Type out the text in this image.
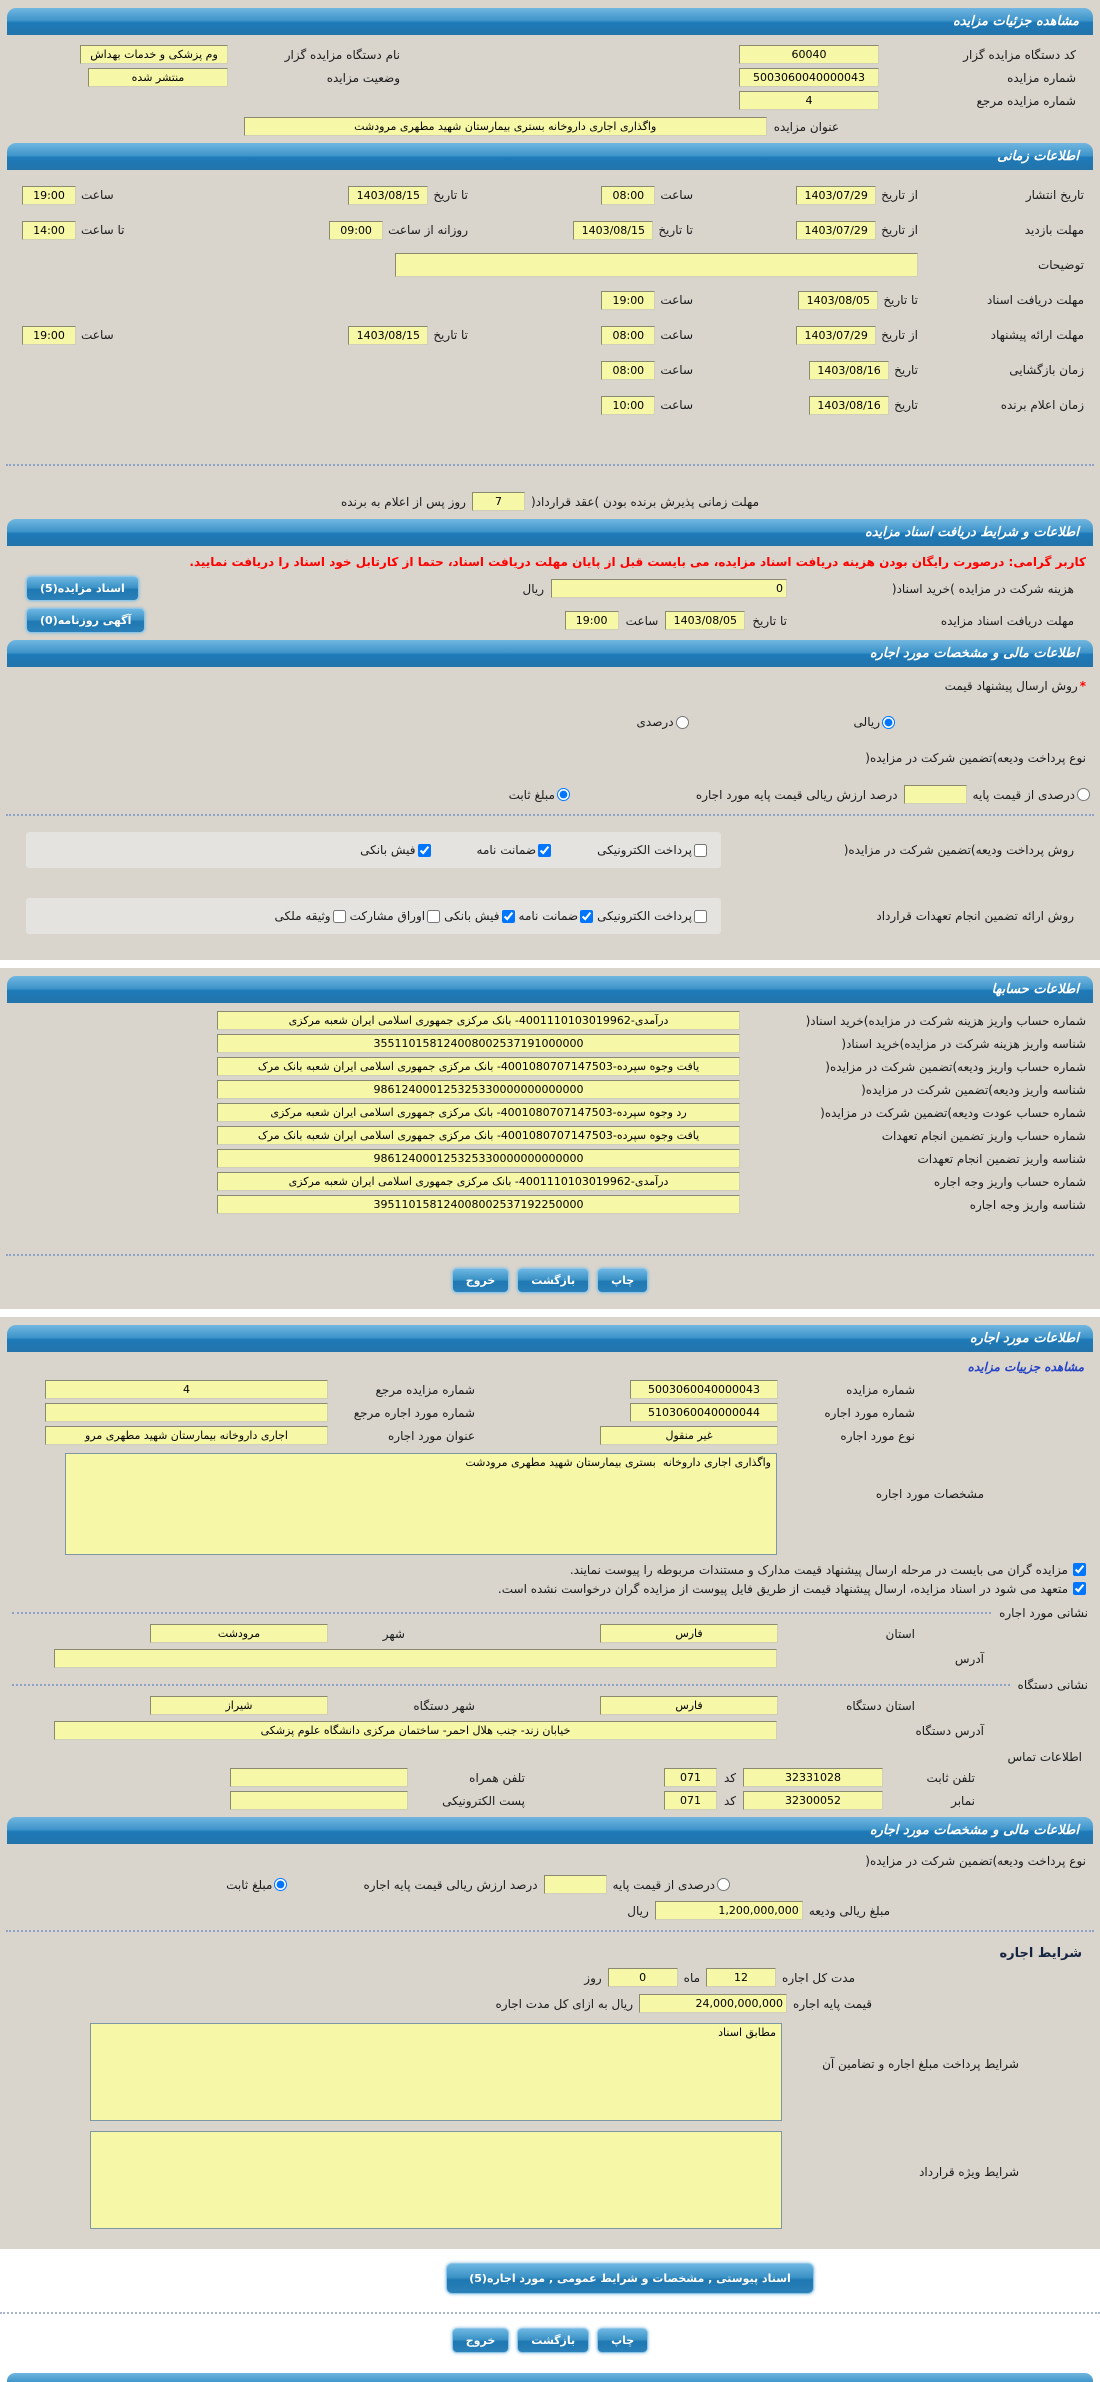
مشاهده جزئیات مزایده
کد دستگاه مزایده گزار
60040
نام دستگاه مزایده گزار
وم پزشکی و خدمات بهداش
شماره مزایده
5003060040000043
وضعیت مزایده
منتشر شده
شماره مزایده مرجع
4
عنوان مزایده
واگذاری اجاری داروخانه بستری بیمارستان شهید مطهری مرودشت
اطلاعات زمانی
تاریخ انتشار
از تاریخ
1403/07/29
ساعت
08:00
تا تاریخ
1403/08/15
ساعت
19:00
مهلت بازدید
از تاریخ
1403/07/29
تا تاریخ
1403/08/15
روزانه از ساعت
09:00
تا ساعت
14:00
توضیحات
مهلت دریافت اسناد
تا تاریخ
1403/08/05
ساعت
19:00
مهلت ارائه پیشنهاد
از تاریخ
1403/07/29
ساعت
08:00
تا تاریخ
1403/08/15
ساعت
19:00
زمان بازگشایی
تاریخ
1403/08/16
ساعت
08:00
زمان اعلام برنده
تاریخ
1403/08/16
ساعت
10:00
مهلت زمانی پذیرش برنده بودن )عقد قرارداد(
7
روز پس از اعلام به برنده
اطلاعات و شرایط دریافت اسناد مزایده
کاربر گرامی: درصورت رایگان بودن هزینه دریافت اسناد مزایده، می بایست قبل از پایان مهلت دریافت اسناد، حتما از کارتابل خود اسناد را دریافت نمایید.
هزینه شرکت در مزایده )خرید اسناد(
0
ریال
اسناد مزایده(5)
مهلت دریافت اسناد مزایده
تا تاریخ
1403/08/05
ساعت
19:00
آگهی روزنامه(0)
اطلاعات مالی و مشخصات مورد اجاره
*روش ارسال پیشنهاد قیمت
ریالی
درصدی
نوع پرداخت ودیعه)تضمین شرکت در مزایده(
درصدی از قیمت پایه
درصد ارزش ریالی قیمت پایه مورد اجاره
مبلغ ثابت
روش پرداخت ودیعه)تضمین شرکت در مزایده(
پرداخت الکترونیکی
ضمانت نامه
فیش بانکی
روش ارائه تضمین انجام تعهدات قرارداد
پرداخت الکترونیکی
ضمانت نامه
فیش بانکی
اوراق مشارکت
وثیقه ملکی
اطلاعات حسابها
شماره حساب واریز هزینه شرکت در مزایده)خرید اسناد(
درآمدی-4001110103019962- بانک مرکزی جمهوری اسلامی ایران شعبه مرکزی
شناسه واریز هزینه شرکت در مزایده)خرید اسناد(
355110158124008002537191000000
شماره حساب واریز ودیعه)تضمین شرکت در مزایده(
یافت وجوه سپرده-4001080707147503- بانک مرکزی جمهوری اسلامی ایران شعبه بانک مرک
شناسه واریز ودیعه)تضمین شرکت در مزایده(
986124000125325330000000000000
شماره حساب عودت ودیعه)تضمین شرکت در مزایده(
رد وجوه سپرده-4001080707147503- بانک مرکزی جمهوری اسلامی ایران شعبه مرکزی
شماره حساب واریز تضمین انجام تعهدات
یافت وجوه سپرده-4001080707147503- بانک مرکزی جمهوری اسلامی ایران شعبه بانک مرک
شناسه واریز تضمین انجام تعهدات
986124000125325330000000000000
شماره حساب واریز وجه اجاره
درآمدی-4001110103019962- بانک مرکزی جمهوری اسلامی ایران شعبه مرکزی
شناسه واریز وجه اجاره
395110158124008002537192250000
چاپ
بازگشت
خروج
اطلاعات مورد اجاره
مشاهده جزییات مزایده
شماره مزایده
5003060040000043
شماره مزایده مرجع
4
شماره مورد اجاره
5103060040000044
شماره مورد اجاره مرجع
نوع مورد اجاره
غیر منقول
عنوان مورد اجاره
اجاری داروخانه بیمارستان شهید مطهری مرو
مشخصات مورد اجاره
واگذاری اجاری داروخانه بستری بیمارستان شهید مطهری مرودشت
مزایده گران می بایست در مرحله ارسال پیشنهاد قیمت مدارک و مستندات مربوطه را پیوست نمایند.
متعهد می شود در اسناد مزایده، ارسال پیشنهاد قیمت از طریق فایل پیوست از مزایده گران درخواست نشده است.
نشانی مورد اجاره
استان
فارس
شهر
مرودشت
آدرس
نشانی دستگاه
استان دستگاه
فارس
شهر دستگاه
شیراز
آدرس دستگاه
خیابان زند- جنب هلال احمر- ساختمان مرکزی دانشگاه علوم پزشکی
اطلاعات تماس
تلفن ثابت
32331028
کد
071
تلفن همراه
نمابر
32300052
کد
071
پست الکترونیکی
اطلاعات مالی و مشخصات مورد اجاره
نوع پرداخت ودیعه)تضمین شرکت در مزایده(
درصدی از قیمت پایه
درصد ارزش ریالی قیمت پایه اجاره
مبلغ ثابت
مبلغ ریالی ودیعه
1,200,000,000
ریال
شرایط اجاره
مدت کل اجاره
12
ماه
0
روز
قیمت پایه اجاره
24,000,000,000
ریال به ازای کل مدت اجاره
شرایط پرداخت مبلغ اجاره و تضامین آن
مطابق اسناد
شرایط ویژه قرارداد
اسناد پیوستی , مشخصات و شرایط عمومی , مورد اجاره(5)
چاپ
بازگشت
خروج
